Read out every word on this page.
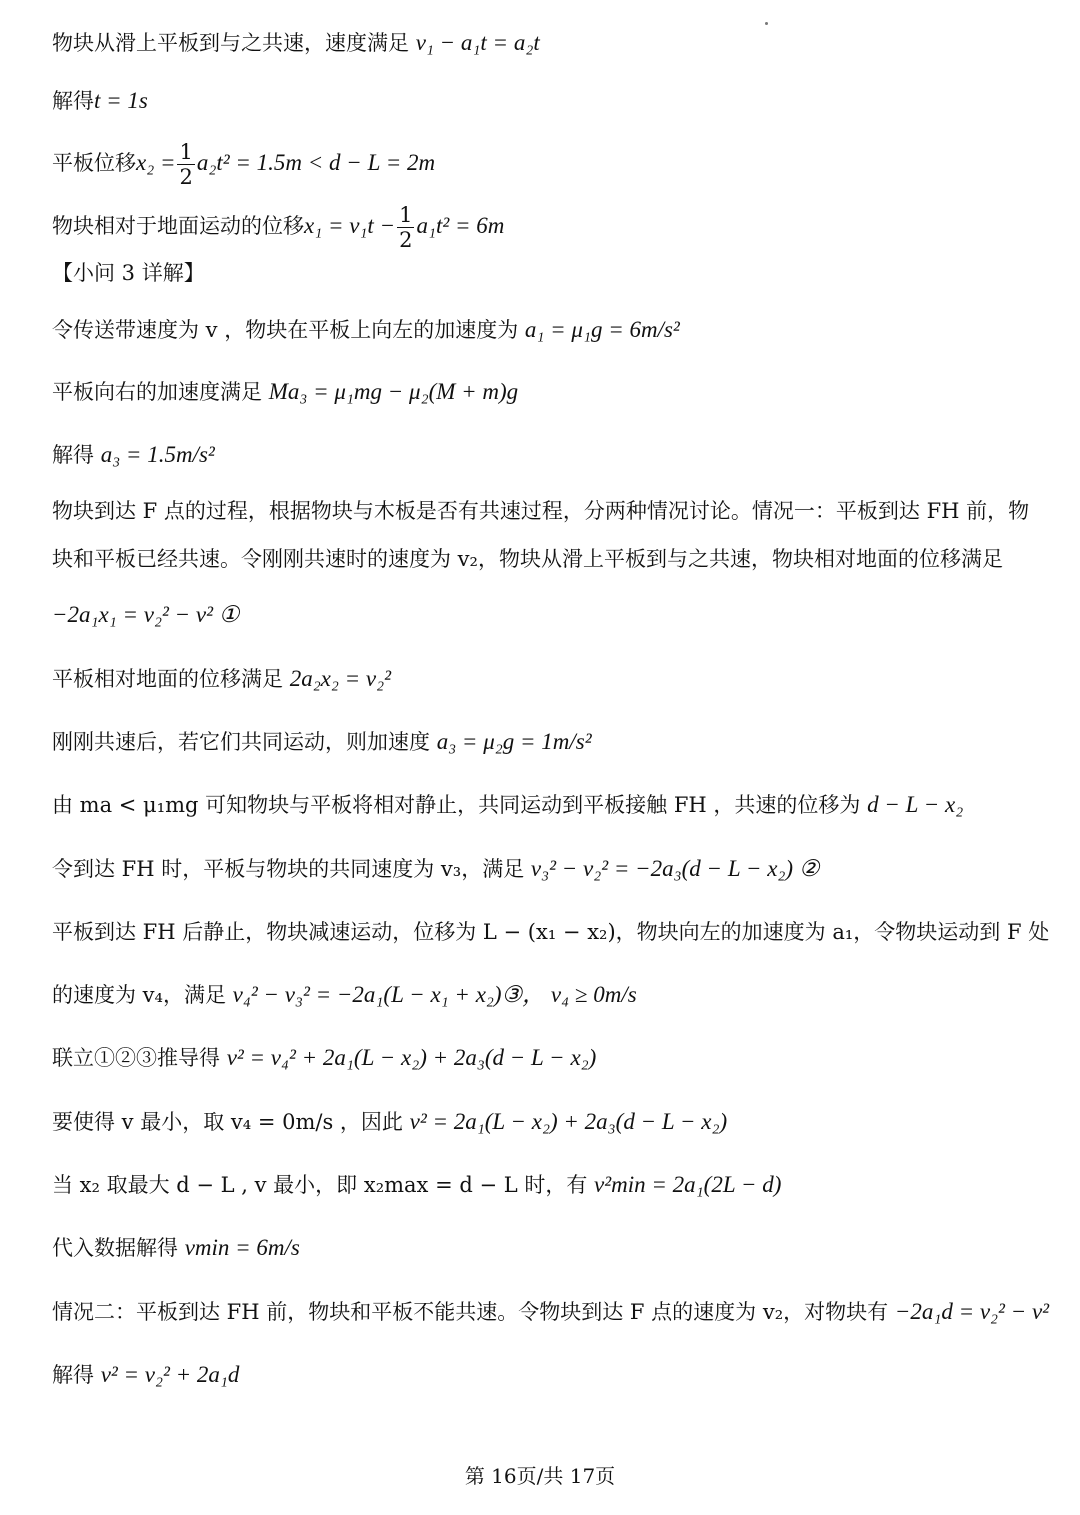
物块从滑上平板到与之共速，速度满足 v₁ − a₁t = a₂t
解得t = 1s
平板位移$x_2 = \frac{1}{2} a_2t^2 = 1.5m < d - L = 2m$
物块相对于地面运动的位移$x_1 = v_1t - \frac{1}{2} a_1t^2 = 6m$
【小问 3 详解】
令传送带速度为 v ，物块在平板上向左的加速度为 a₁ = μ₁g = 6m/s²
平板向右的加速度满足 Ma₃ = μ₁mg − μ₂(M + m)g
解得 a₃ = 1.5m/s²
物块到达 F 点的过程，根据物块与木板是否有共速过程，分两种情况讨论。情况一：平板到达 FH 前，物
块和平板已经共速。令刚刚共速时的速度为 v₂，物块从滑上平板到与之共速，物块相对地面的位移满足
−2a₁x₁ = v₂² − v² ①
平板相对地面的位移满足 2a₂x₂ = v₂²
刚刚共速后，若它们共同运动，则加速度 a₃ = μ₂g = 1m/s²
由 ma < μ₁mg 可知物块与平板将相对静止，共同运动到平板接触 FH ，共速的位移为 d − L − x₂
令到达 FH 时，平板与物块的共同速度为 v₃，满足 v₃² − v₂² = −2a₃(d − L − x₂) ②
平板到达 FH 后静止，物块减速运动，位移为 L − (x₁ − x₂)，物块向左的加速度为 a₁，令物块运动到 F 处
的速度为 v₄，满足 v₄² − v₃² = −2a₁(L − x₁ + x₂)③， v₄ ≥ 0m/s
联立①②③推导得 v² = v₄² + 2a₁(L − x₂) + 2a₃(d − L − x₂)
要使得 v 最小，取 v₄ = 0m/s ，因此 v² = 2a₁(L − x₂) + 2a₃(d − L − x₂)
当 x₂ 取最大 d − L , v 最小，即 x₂max = d − L 时，有 v²min = 2a₁(2L − d)
代入数据解得 vmin = 6m/s
情况二：平板到达 FH 前，物块和平板不能共速。令物块到达 F 点的速度为 v₂，对物块有 −2a₁d = v₂² − v²
解得 v² = v₂² + 2a₁d
第 16页/共 17页
